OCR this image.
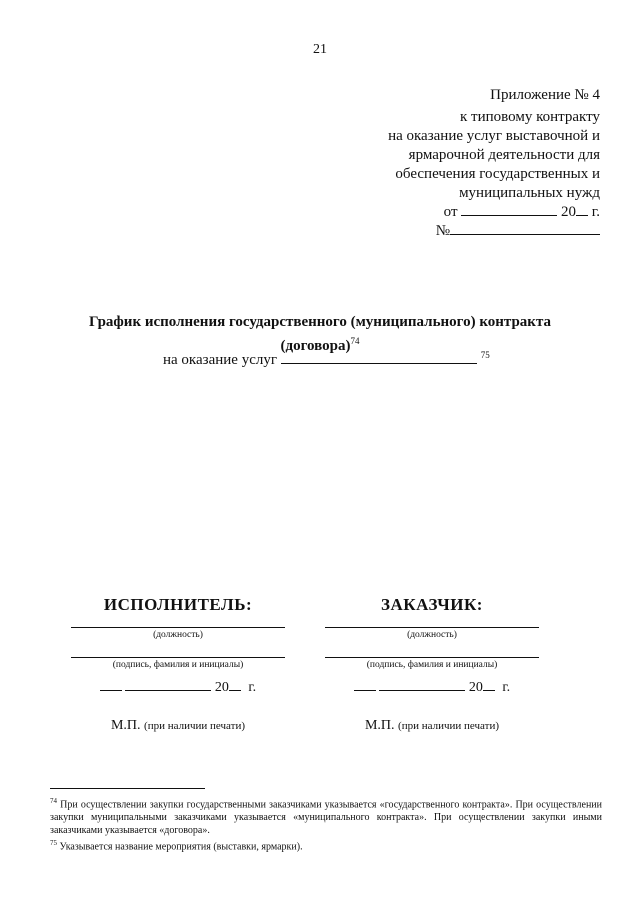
21
Приложение № 4
к типовому контракту
на оказание услуг выставочной и
ярмарочной деятельности для
обеспечения государственных и
муниципальных нужд
от	20 г.
№
График исполнения государственного (муниципального) контракта
(договора)$^{74}$
на оказание услуг	$^{75}$
ИСПОЛНИТЕЛЬ:
(должность)
(подпись, фамилия и инициалы)
20 г.
М.П. (при наличии печати)
ЗАКАЗЧИК:
(должность)
(подпись, фамилия и инициалы)
20 г.
М.П. (при наличии печати)

$^{74}$ При осуществлении закупки государственными заказчиками указывается «государственного контракта». При осуществлении закупки муниципальными заказчиками указывается «муниципального контракта». При осуществлении закупки иными заказчиками указывается «договора».

$^{75}$ Указывается название мероприятия (выставки, ярмарки).
